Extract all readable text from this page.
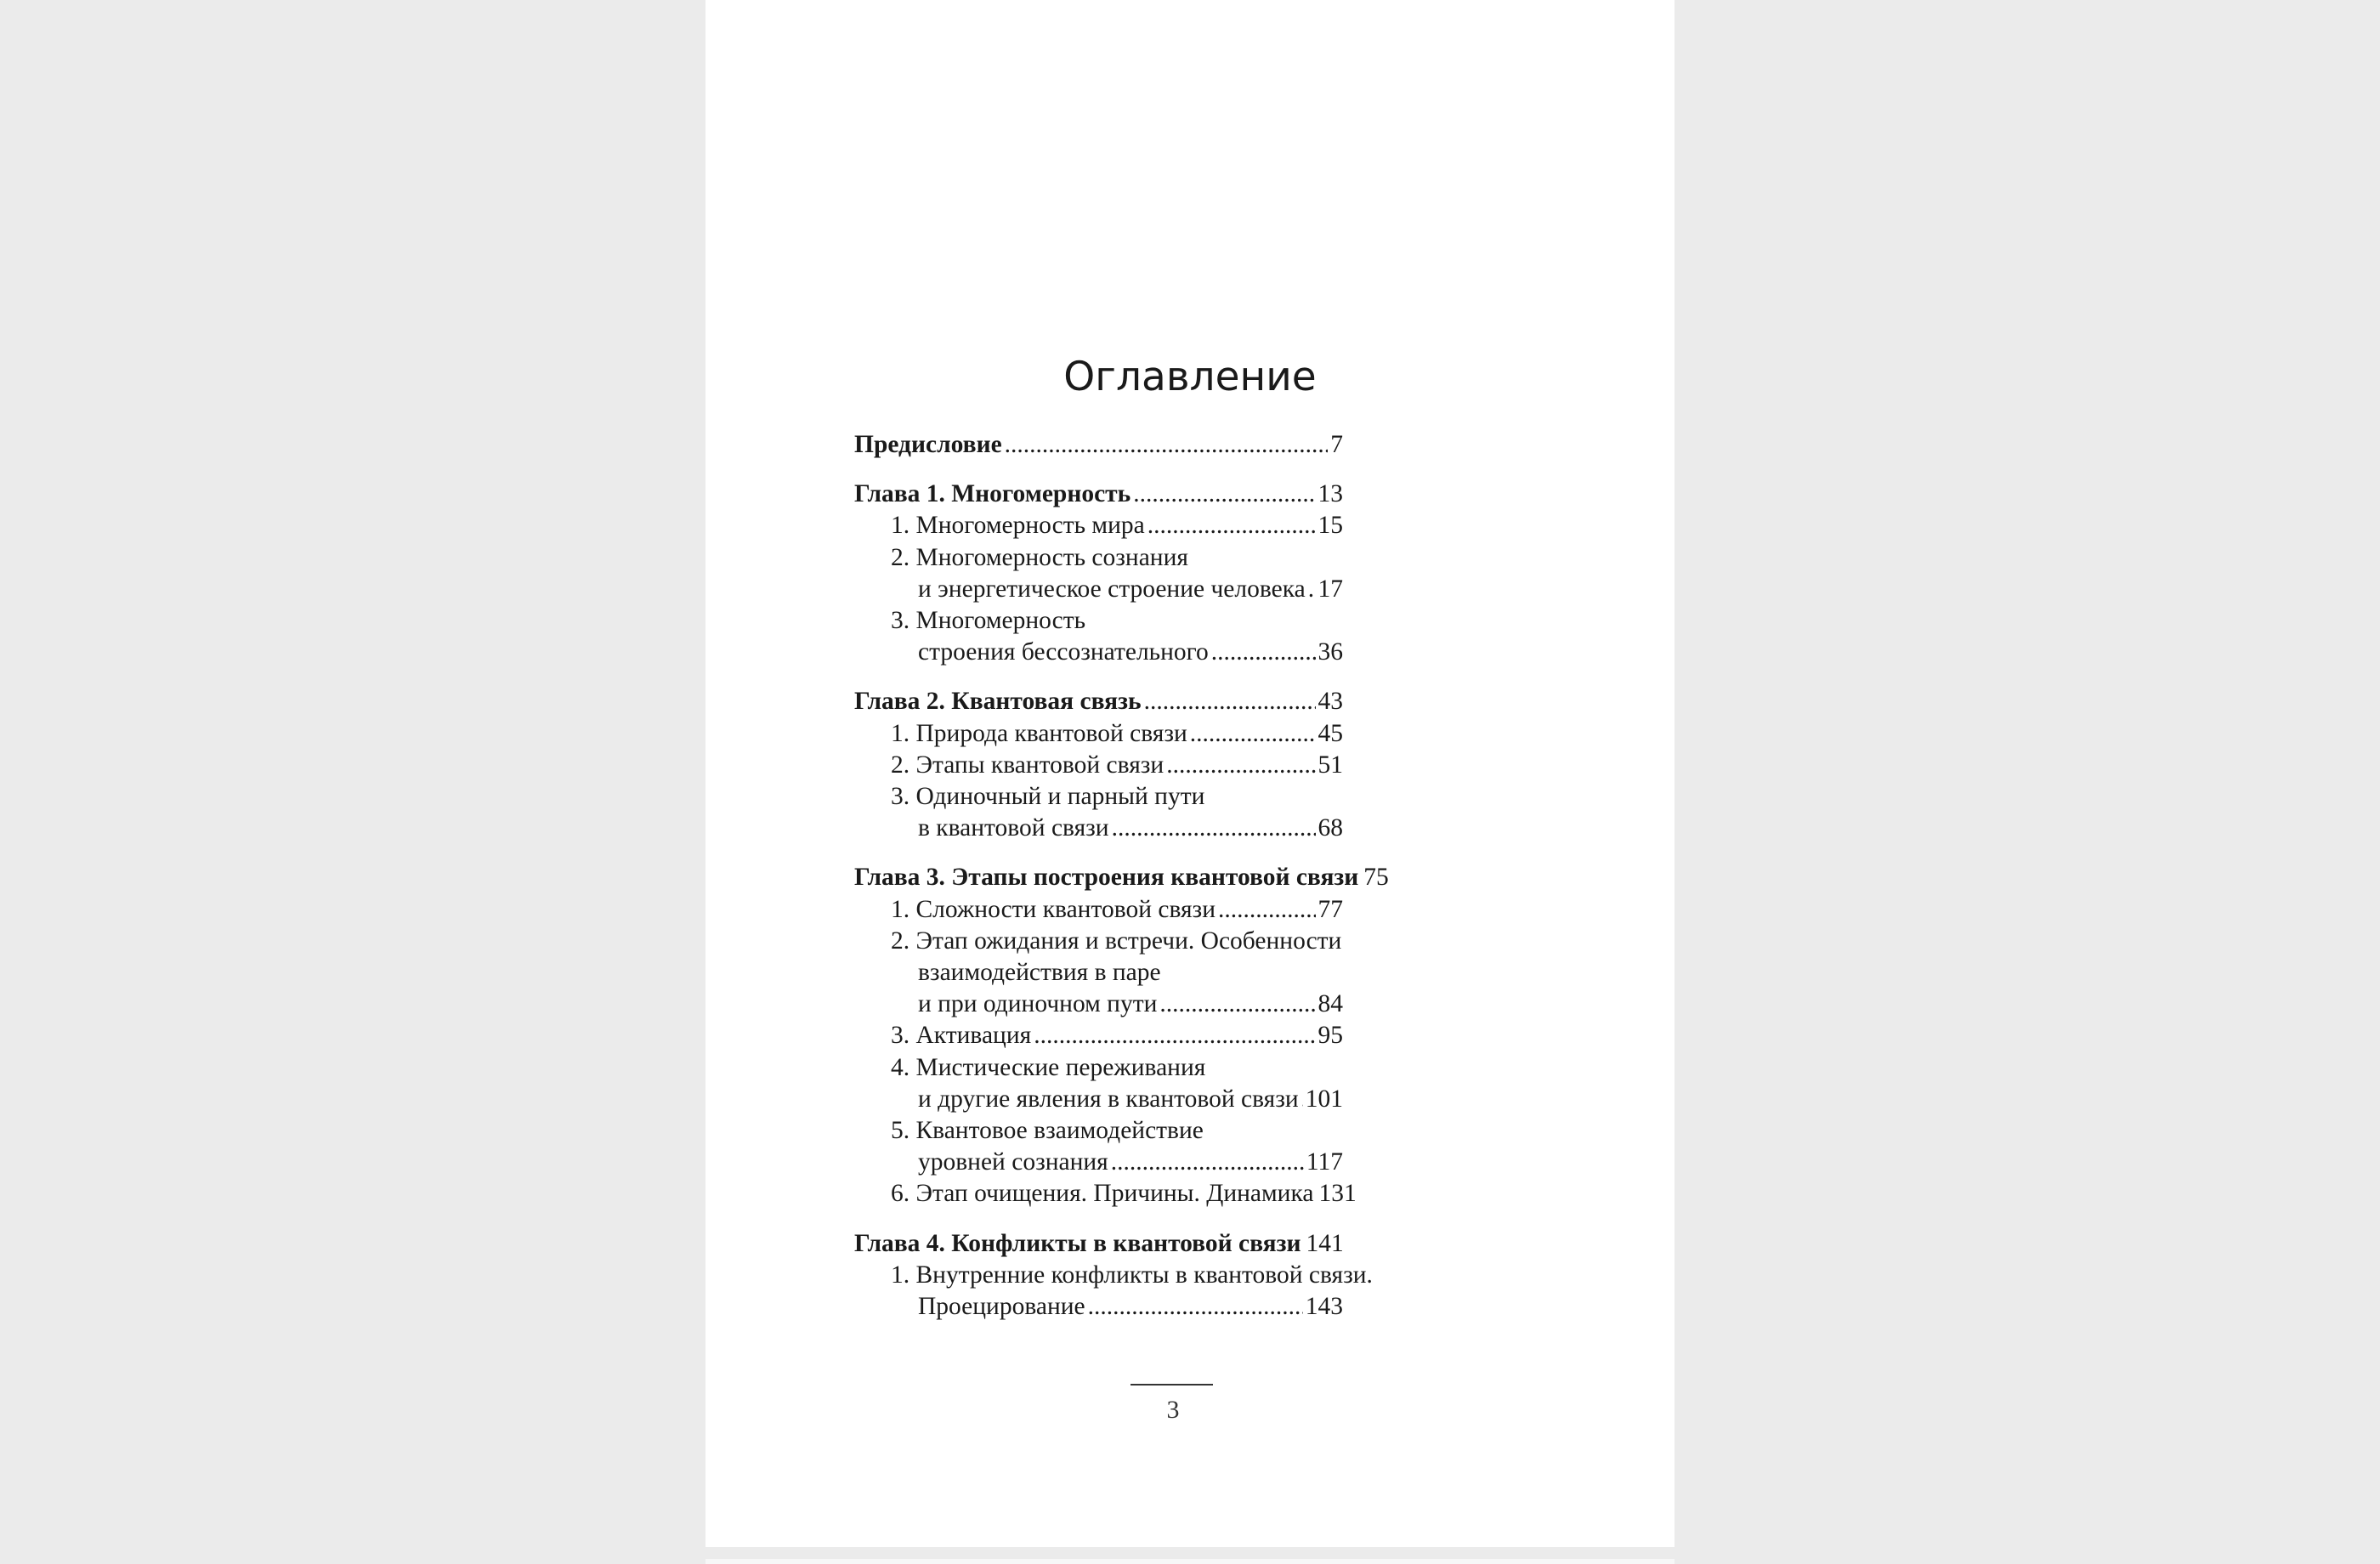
Оглавление
Предисловие .....	7
Глава 1. Многомерность .....	13
1. Многомерность мира .....	15
2. Многомерность сознания
и энергетическое строение человека ..... 17
3. Многомерность
строения бессознательного .....	36
Глава 2. Квантовая связь .....	43
1. Природа квантовой связи .....	45
2. Этапы квантовой связи .....	51
3. Одиночный и парный пути
в квантовой связи .....	68
Глава 3. Этапы построения квантовой связи 75
1. Сложности квантовой связи .....	77
2. Этап ожидания и встречи. Особенности
взаимодействия в паре
и при одиночном пути .....	84
3. Активация .....	95
4. Мистические переживания
и другие явления в квантовой связи ..... 101
5. Квантовое взаимодействие
уровней сознания .....	117
6. Этап очищения. Причины. Динамика 131
Глава 4. Конфликты в квантовой связи 141
1. Внутренние конфликты в квантовой связи.
Проецирование .....	143
3
